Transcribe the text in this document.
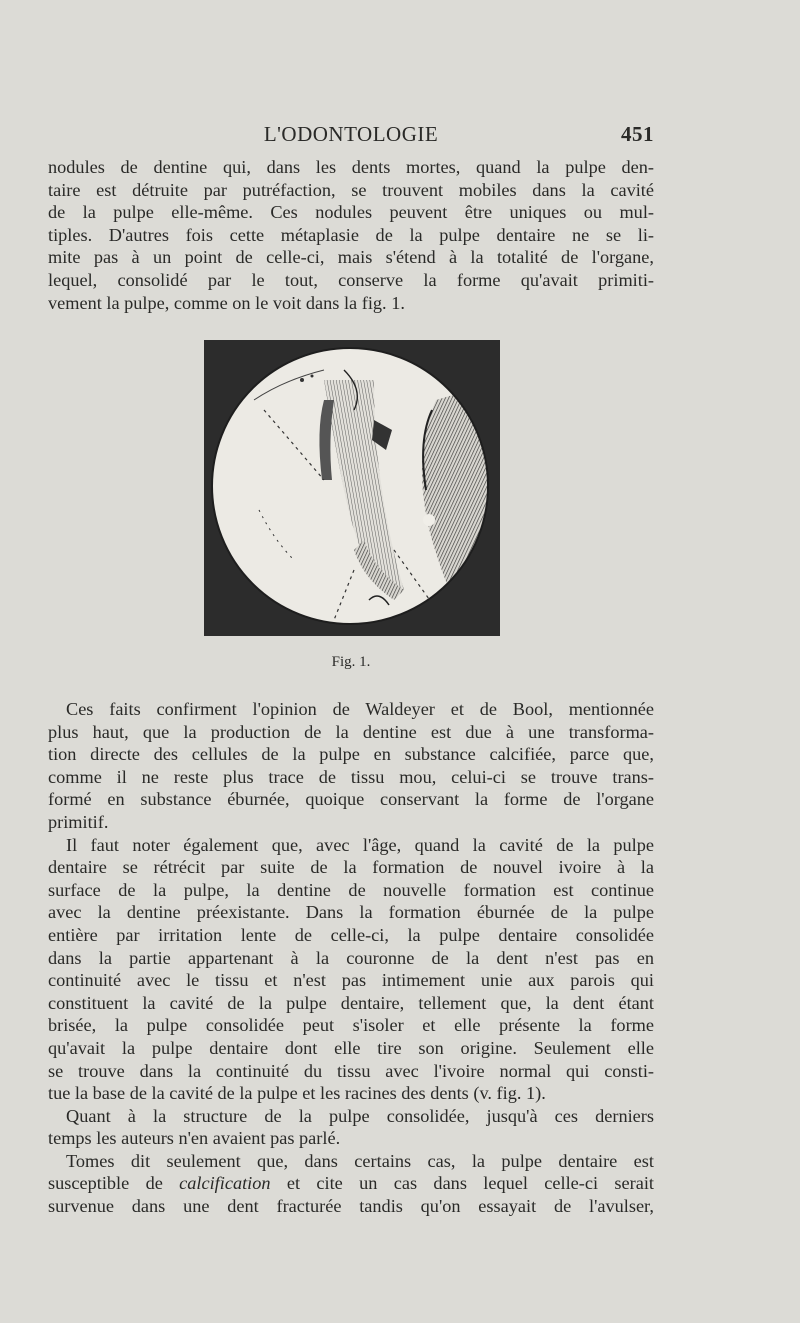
L'ODONTOLOGIE	451
nodules de dentine qui, dans les dents mortes, quand la pulpe den-
taire est détruite par putréfaction, se trouvent mobiles dans la cavité
de la pulpe elle-même. Ces nodules peuvent être uniques ou mul-
tiples. D'autres fois cette métaplasie de la pulpe dentaire ne se li-
mite pas à un point de celle-ci, mais s'étend à la totalité de l'organe,
lequel, consolidé par le tout, conserve la forme qu'avait primiti-
vement la pulpe, comme on le voit dans la fig. 1.
Fig. 1.
Ces faits confirment l'opinion de Waldeyer et de Bool, mentionnée
plus haut, que la production de la dentine est due à une transforma-
tion directe des cellules de la pulpe en substance calcifiée, parce que,
comme il ne reste plus trace de tissu mou, celui-ci se trouve trans-
formé en substance éburnée, quoique conservant la forme de l'organe
primitif.
Il faut noter également que, avec l'âge, quand la cavité de la pulpe
dentaire se rétrécit par suite de la formation de nouvel ivoire à la
surface de la pulpe, la dentine de nouvelle formation est continue
avec la dentine préexistante. Dans la formation éburnée de la pulpe
entière par irritation lente de celle-ci, la pulpe dentaire consolidée
dans la partie appartenant à la couronne de la dent n'est pas en
continuité avec le tissu et n'est pas intimement unie aux parois qui
constituent la cavité de la pulpe dentaire, tellement que, la dent étant
brisée, la pulpe consolidée peut s'isoler et elle présente la forme
qu'avait la pulpe dentaire dont elle tire son origine. Seulement elle
se trouve dans la continuité du tissu avec l'ivoire normal qui consti-
tue la base de la cavité de la pulpe et les racines des dents (v. fig. 1).
Quant à la structure de la pulpe consolidée, jusqu'à ces derniers
temps les auteurs n'en avaient pas parlé.
Tomes dit seulement que, dans certains cas, la pulpe dentaire est
susceptible de calcification et cite un cas dans lequel celle-ci serait
survenue dans une dent fracturée tandis qu'on essayait de l'avulser,
